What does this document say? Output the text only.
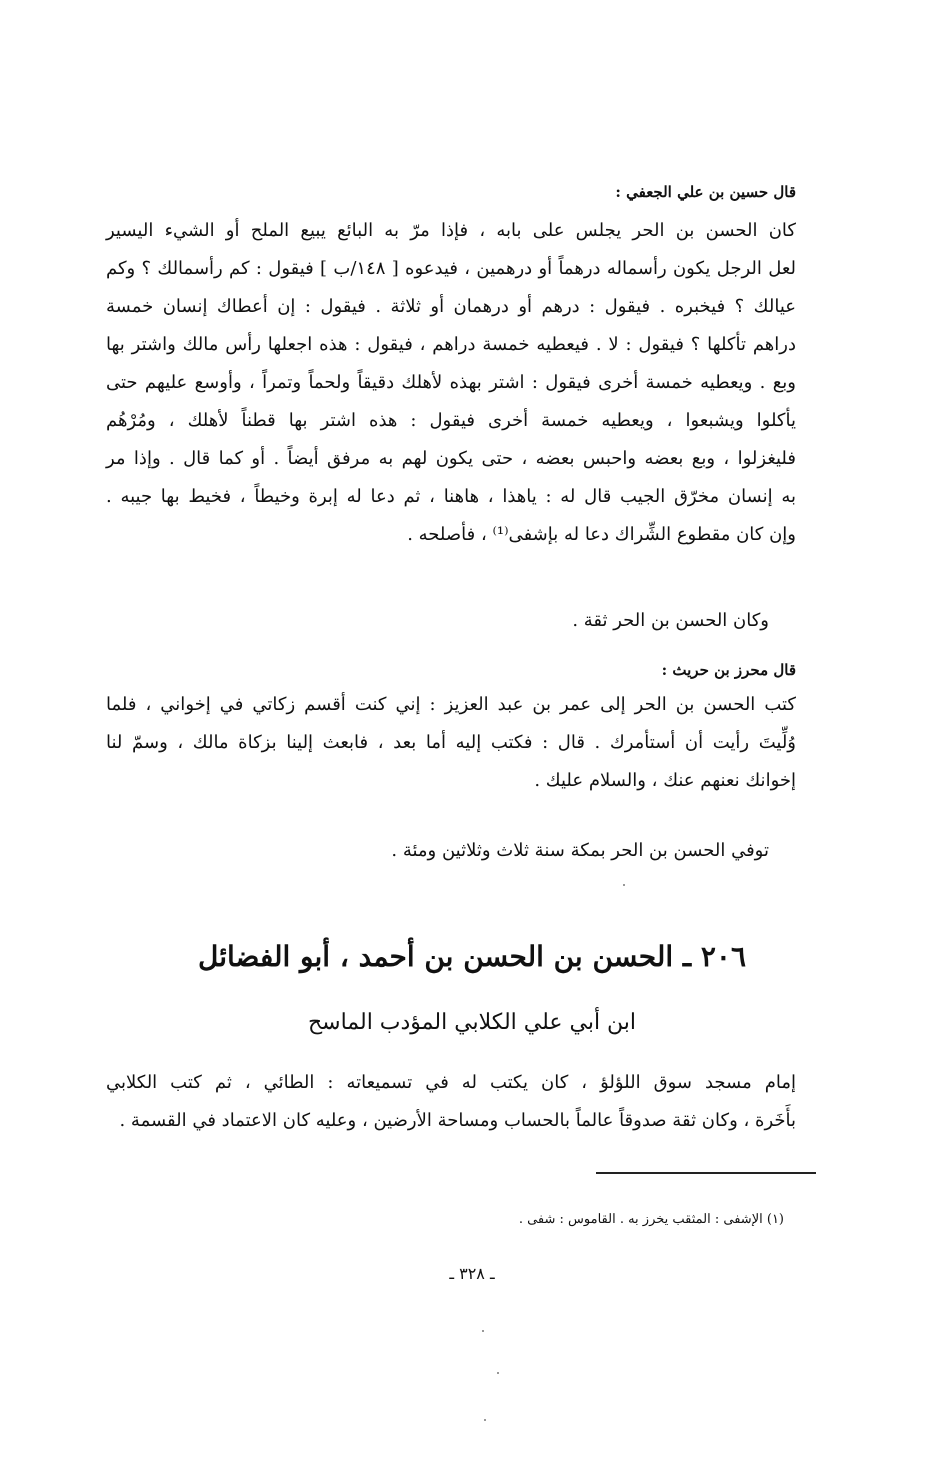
قال حسين بن علي الجعفي :
كان الحسن بن الحر يجلس على بابه ، فإذا مرّ به البائع يبيع الملح أو الشيء اليسير
لعل الرجل يكون رأسماله درهماً أو درهمين ، فيدعوه [ ١٤٨/ب ] فيقول : كم رأسمالك ؟ وكم
عيالك ؟ فيخبره . فيقول : درهم أو درهمان أو ثلاثة . فيقول : إن أعطاك إنسان خمسة
دراهم تأكلها ؟ فيقول : لا . فيعطيه خمسة دراهم ، فيقول : هذه اجعلها رأس مالك واشتر بها
وبع . ويعطيه خمسة أخرى فيقول : اشتر بهذه لأهلك دقيقاً ولحماً وتمراً ، وأوسع عليهم حتى
يأكلوا ويشبعوا ، ويعطيه خمسة أخرى فيقول : هذه اشتر بها قطناً لأهلك ، ومُرْهُم
فليغزلوا ، وبع بعضه واحبس بعضه ، حتى يكون لهم به مرفق أيضاً . أو كما قال . وإذا مر
به إنسان مخرّق الجيب قال له : ياهذا ، هاهنا ، ثم دعا له إبرة وخيطاً ، فخيط بها جيبه .
وإن كان مقطوع الشِّراك دعا له بإشفى⁽¹⁾ ، فأصلحه .
وكان الحسن بن الحر ثقة .
قال محرز بن حريث :
كتب الحسن بن الحر إلى عمر بن عبد العزيز : إني كنت أقسم زكاتي في إخواني ، فلما
وُلِّيتَ رأيت أن أستأمرك . قال : فكتب إليه أما بعد ، فابعث إلينا بزكاة مالك ، وسمّ لنا
إخوانك نعنهم عنك ، والسلام عليك .
توفي الحسن بن الحر بمكة سنة ثلاث وثلاثين ومئة .
٢٠٦ ـ الحسن بن الحسن بن أحمد ، أبو الفضائل
ابن أبي علي الكلابي المؤدب الماسح
إمام مسجد سوق اللؤلؤ ، كان يكتب له في تسميعاته : الطائي ، ثم كتب الكلابي
بأَخَرة ، وكان ثقة صدوقاً عالماً بالحساب ومساحة الأرضين ، وعليه كان الاعتماد في القسمة .
(١) الإشفى : المثقب يخرز به . القاموس : شفى .
ـ ٣٢٨ ـ
